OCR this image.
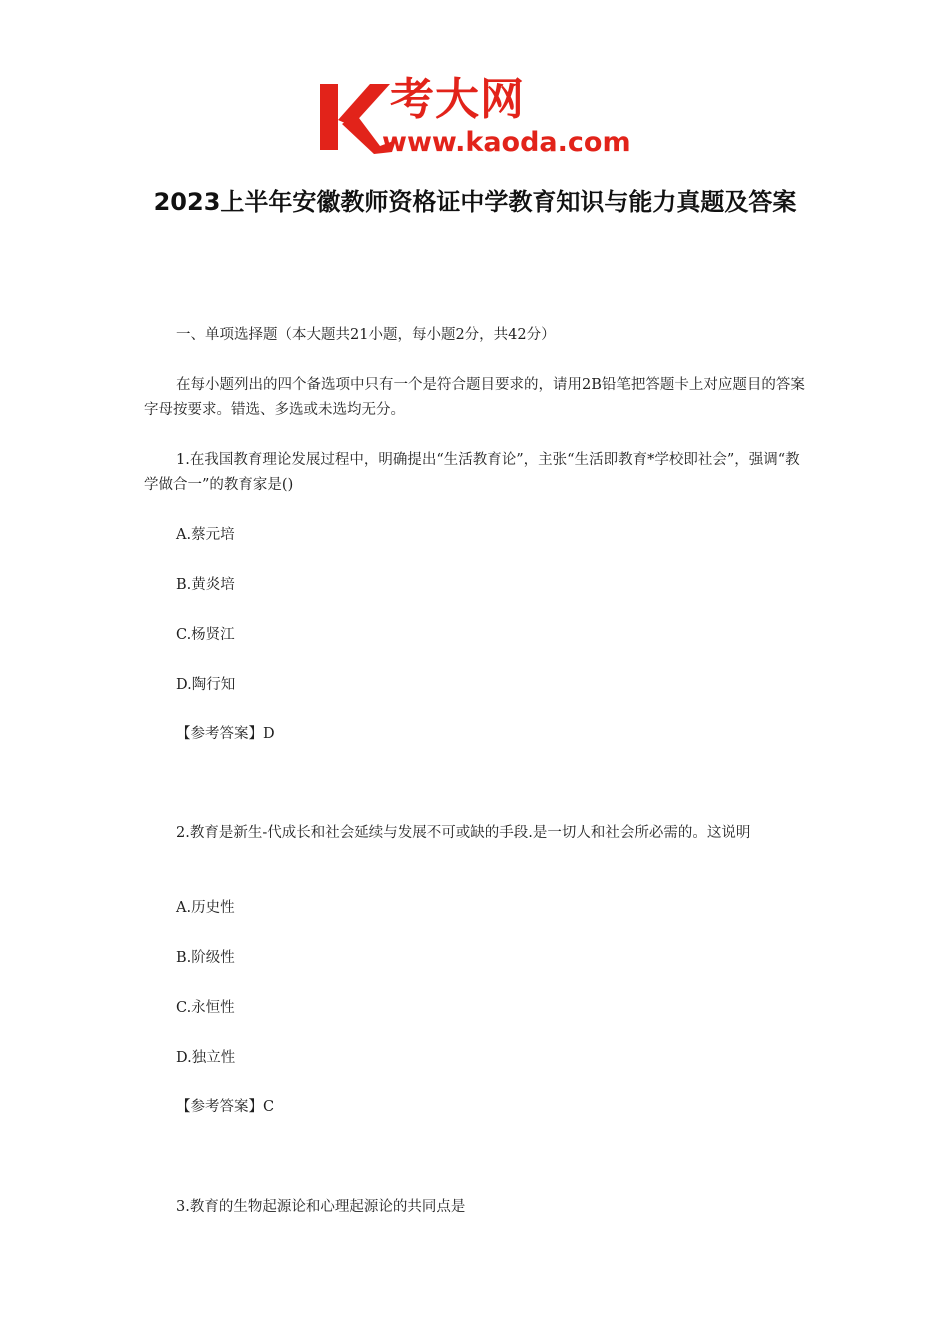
考大网
www.kaoda.com
2023上半年安徽教师资格证中学教育知识与能力真题及答案
一、单项选择题（本大题共21小题，每小题2分，共42分）
在每小题列出的四个备选项中只有一个是符合题目要求的，请用2B铅笔把答题卡上对应题目的答案字母按要求。错选、多选或未选均无分。
1.在我国教育理论发展过程中，明确提出“生活教育论”，主张“生活即教育*学校即社会”，强调“教学做合一”的教育家是()
A.蔡元培
B.黄炎培
C.杨贤江
D.陶行知
【参考答案】D
2.教育是新生-代成长和社会延续与发展不可或缺的手段.是一切人和社会所必需的。这说明
A.历史性
B.阶级性
C.永恒性
D.独立性
【参考答案】C
3.教育的生物起源论和心理起源论的共同点是
